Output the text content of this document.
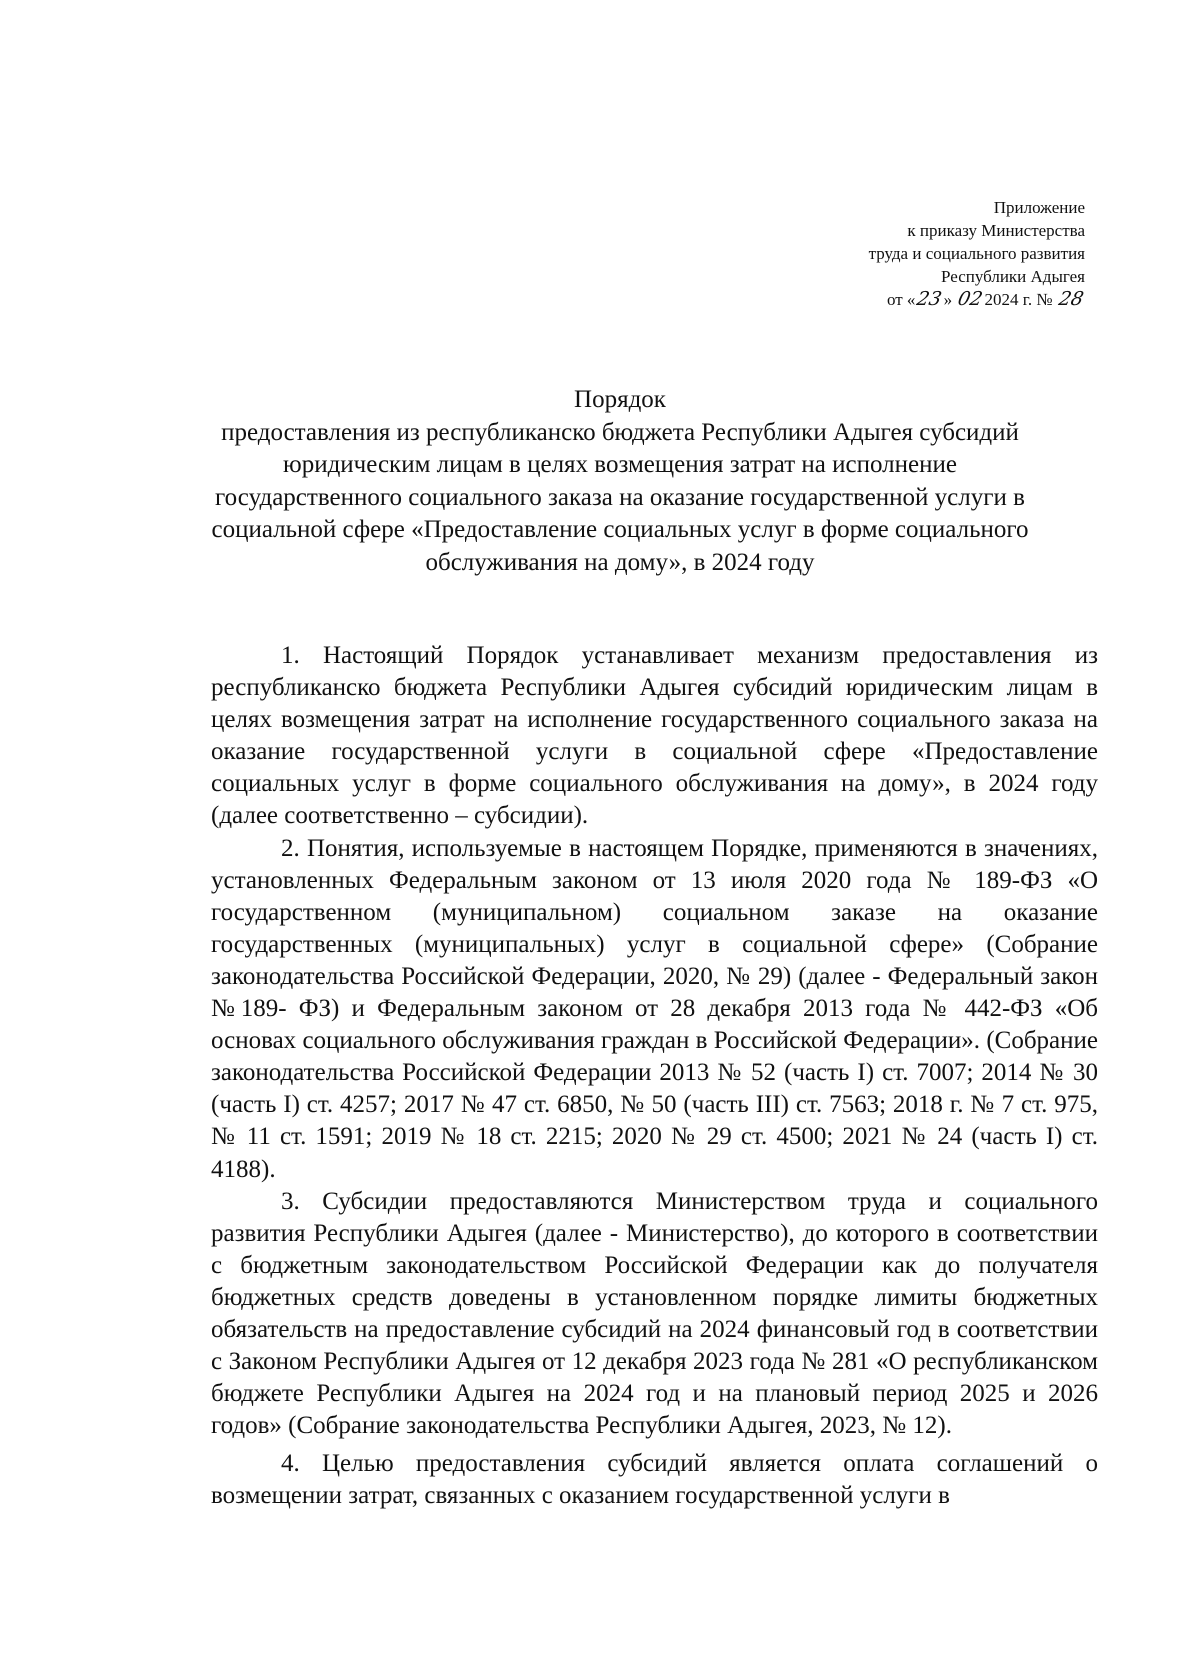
Приложение
к приказу Министерства
труда и социального развития
Республики Адыгея
от «23» 022024 г. № 28
Порядок
предоставления из республиканско бюджета Республики Адыгея субсидий юридическим лицам в целях возмещения затрат на исполнение государственного социального заказа на оказание государственной услуги в социальной сфере «Предоставление социальных услуг в форме социального обслуживания на дому», в 2024 году

1. Настоящий Порядок устанавливает механизм предоставления из республиканско бюджета Республики Адыгея субсидий юридическим лицам в целях возмещения затрат на исполнение государственного социального заказа на оказание государственной услуги в социальной сфере «Предоставление социальных услуг в форме социального обслуживания на дому», в 2024 году (далее соответственно – субсидии).

2. Понятия, используемые в настоящем Порядке, применяются в значениях, установленных Федеральным законом от 13 июля 2020 года № 189-ФЗ «О государственном (муниципальном) социальном заказе на оказание государственных (муниципальных) услуг в социальной сфере» (Собрание законодательства Российской Федерации, 2020, № 29) (далее - Федеральный закон №189- ФЗ) и Федеральным законом от 28 декабря 2013 года № 442-ФЗ «Об основах социального обслуживания граждан в Российской Федерации». (Собрание законодательства Российской Федерации 2013 № 52 (часть I) ст. 7007; 2014 № 30 (часть I) ст. 4257; 2017 № 47 ст. 6850, № 50 (часть III) ст. 7563; 2018 г. № 7 ст. 975, № 11 ст. 1591; 2019 № 18 ст. 2215; 2020 № 29 ст. 4500; 2021 № 24 (часть I) ст. 4188).

3. Субсидии предоставляются Министерством труда и социального развития Республики Адыгея (далее - Министерство), до которого в соответствии с бюджетным законодательством Российской Федерации как до получателя бюджетных средств доведены в установленном порядке лимиты бюджетных обязательств на предоставление субсидий на 2024 финансовый год в соответствии с Законом Республики Адыгея от 12 декабря 2023 года № 281 «О республиканском бюджете Республики Адыгея на 2024 год и на плановый период 2025 и 2026 годов» (Собрание законодательства Республики Адыгея, 2023, № 12).

4. Целью предоставления субсидий является оплата соглашений о возмещении затрат, связанных с оказанием государственной услуги в
